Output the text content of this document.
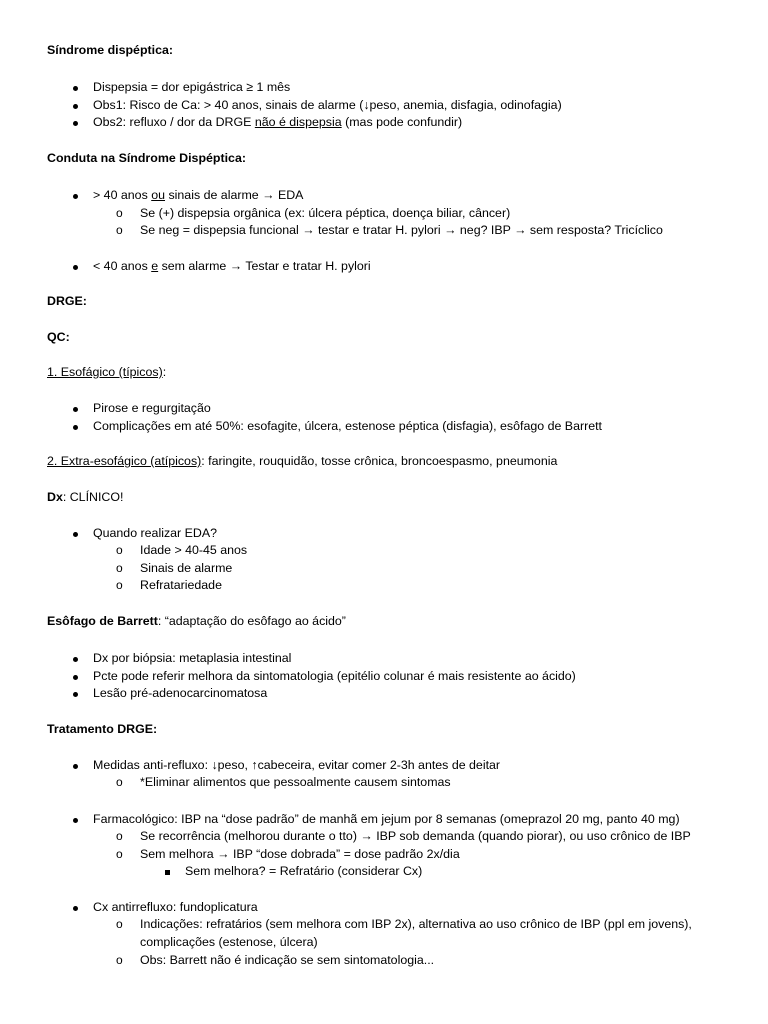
Síndrome dispéptica:
Dispepsia = dor epigástrica ≥ 1 mês
Obs1: Risco de Ca: > 40 anos, sinais de alarme (↓peso, anemia, disfagia, odinofagia)
Obs2: refluxo / dor da DRGE não é dispepsia (mas pode confundir)
Conduta na Síndrome Dispéptica:
> 40 anos ou sinais de alarme → EDA
o Se (+) dispepsia orgânica (ex: úlcera péptica, doença biliar, câncer)
o Se neg = dispepsia funcional → testar e tratar H. pylori → neg? IBP → sem resposta? Tricíclico
< 40 anos e sem alarme → Testar e tratar H. pylori
DRGE:
QC:
1. Esofágico (típicos):
Pirose e regurgitação
Complicações em até 50%: esofagite, úlcera, estenose péptica (disfagia), esôfago de Barrett
2. Extra-esofágico (atípicos): faringite, rouquidão, tosse crônica, broncoespasmo, pneumonia
Dx: CLÍNICO!
Quando realizar EDA?
o Idade > 40-45 anos
o Sinais de alarme
o Refratariedade
Esôfago de Barrett: “adaptação do esôfago ao ácido”
Dx por biópsia: metaplasia intestinal
Pcte pode referir melhora da sintomatologia (epitélio colunar é mais resistente ao ácido)
Lesão pré-adenocarcinomatosa
Tratamento DRGE:
Medidas anti-refluxo: ↓peso, ↑cabeceira, evitar comer 2-3h antes de deitar
o *Eliminar alimentos que pessoalmente causem sintomas
Farmacológico: IBP na “dose padrão” de manhã em jejum por 8 semanas (omeprazol 20 mg, panto 40 mg)
o Se recorrência (melhorou durante o tto) → IBP sob demanda (quando piorar), ou uso crônico de IBP
o Sem melhora → IBP “dose dobrada” = dose padrão 2x/dia
Sem melhora? = Refratário (considerar Cx)
Cx antirrefluxo: fundoplicatura
o Indicações: refratários (sem melhora com IBP 2x), alternativa ao uso crônico de IBP (ppl em jovens),
complicações (estenose, úlcera)
o Obs: Barrett não é indicação se sem sintomatologia...
